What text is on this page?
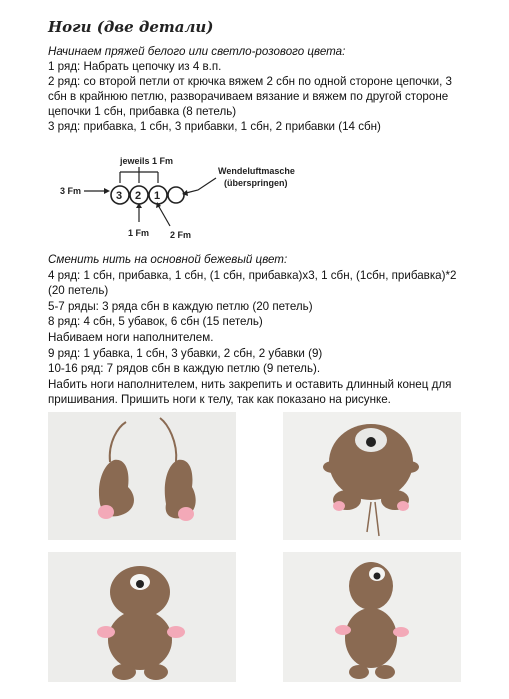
Ноги (две детали)
Начинаем пряжей белого или светло-розового цвета:
1 ряд: Набрать цепочку из 4 в.п.
2 ряд: со второй петли от крючка вяжем 2 сбн по одной стороне цепочки, 3
сбн в крайнюю петлю, разворачиваем вязание и вяжем по другой стороне
цепочки 1 сбн, прибавка (8 петель)
3 ряд: прибавка, 1 сбн, 3 прибавки, 1 сбн, 2 прибавки (14 сбн)
jeweils 1 Fm
3 Fm	3 2 1
Wendeluftmasche
(überspringen)
1 Fm 2 Fm
Сменить нить на основной бежевый цвет:
4 ряд: 1 сбн, прибавка, 1 сбн, (1 сбн, прибавка)х3, 1 сбн, (1сбн, прибавка)*2
(20 петель)
5-7 ряды: 3 ряда сбн в каждую петлю (20 петель)
8 ряд: 4 сбн, 5 убавок, 6 сбн (15 петель)
Набиваем ноги наполнителем.
9 ряд: 1 убавка, 1 сбн, 3 убавки, 2 сбн, 2 убавки (9)
10-16 ряд: 7 рядов сбн в каждую петлю (9 петель).
Набить ноги наполнителем, нить закрепить и оставить длинный конец для
пришивания. Пришить ноги к телу, так как показано на рисунке.
